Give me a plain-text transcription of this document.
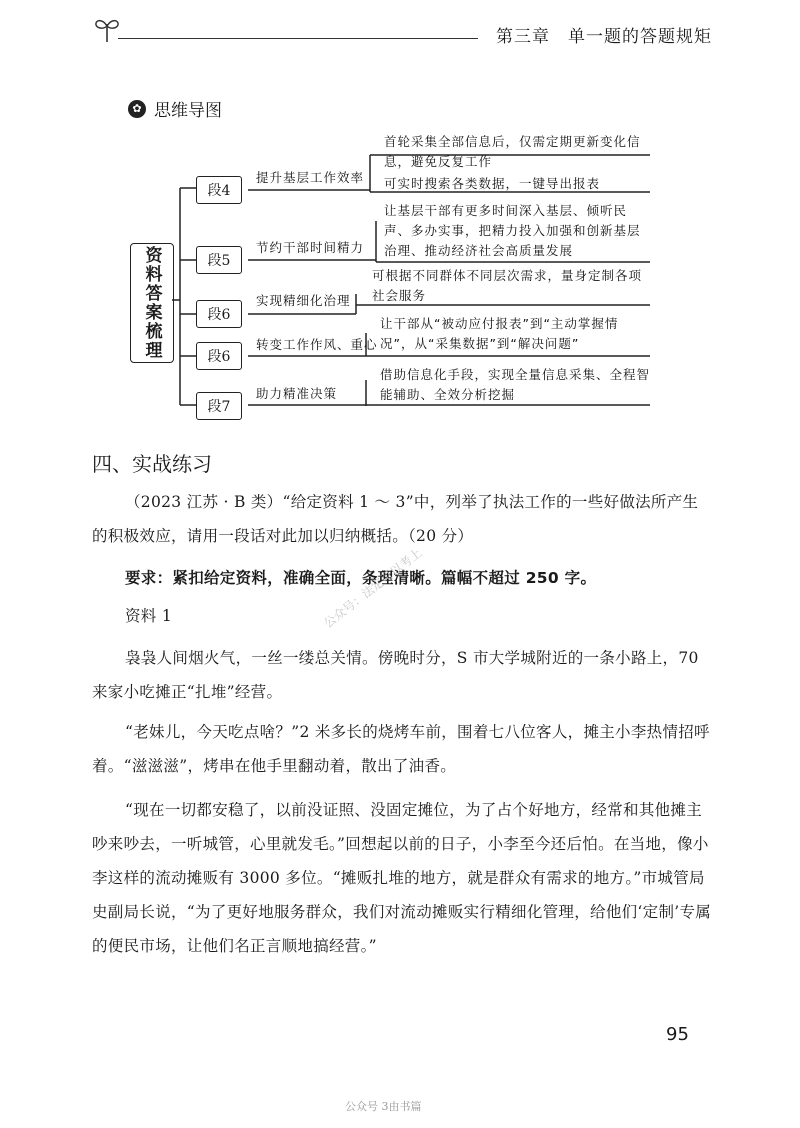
第三章　单一题的答题规矩
✿ 思维导图
资料答案梳理
段4
段5
段6
段6
段7
提升基层工作效率
节约干部时间精力
实现精细化治理
转变工作作风、重心
助力精准决策
首轮采集全部信息后，仅需定期更新变化信息，避免反复工作
可实时搜索各类数据，一键导出报表
让基层干部有更多时间深入基层、倾听民声、多办实事，把精力投入加强和创新基层治理、推动经济社会高质量发展
可根据不同群体不同层次需求，量身定制各项社会服务
让干部从“被动应付报表”到“主动掌握情况”，从“采集数据”到“解决问题”
借助信息化手段，实现全量信息采集、全程智能辅助、全效分析挖掘
四、实战练习
（2023 江苏 · B 类）“给定资料 1 ～ 3”中，列举了执法工作的一些好做法所产生的积极效应，请用一段话对此加以归纳概括。（20 分）
要求：紧扣给定资料，准确全面，条理清晰。篇幅不超过 250 字。
资料 1
袅袅人间烟火气，一丝一缕总关情。傍晚时分，S 市大学城附近的一条小路上，70 来家小吃摊正“扎堆”经营。
“老妹儿，今天吃点啥？”2 米多长的烧烤车前，围着七八位客人，摊主小李热情招呼着。“滋滋滋”，烤串在他手里翻动着，散出了油香。
“现在一切都安稳了，以前没证照、没固定摊位，为了占个好地方，经常和其他摊主吵来吵去，一听城管，心里就发毛。”回想起以前的日子，小李至今还后怕。在当地，像小李这样的流动摊贩有 3000 多位。“摊贩扎堆的地方，就是群众有需求的地方。”市城管局史副局长说，“为了更好地服务群众，我们对流动摊贩实行精细化管理，给他们‘定制’专属的便民市场，让他们名正言顺地搞经营。”
公众号：法定可以考上
95
公众号 3由书篇
